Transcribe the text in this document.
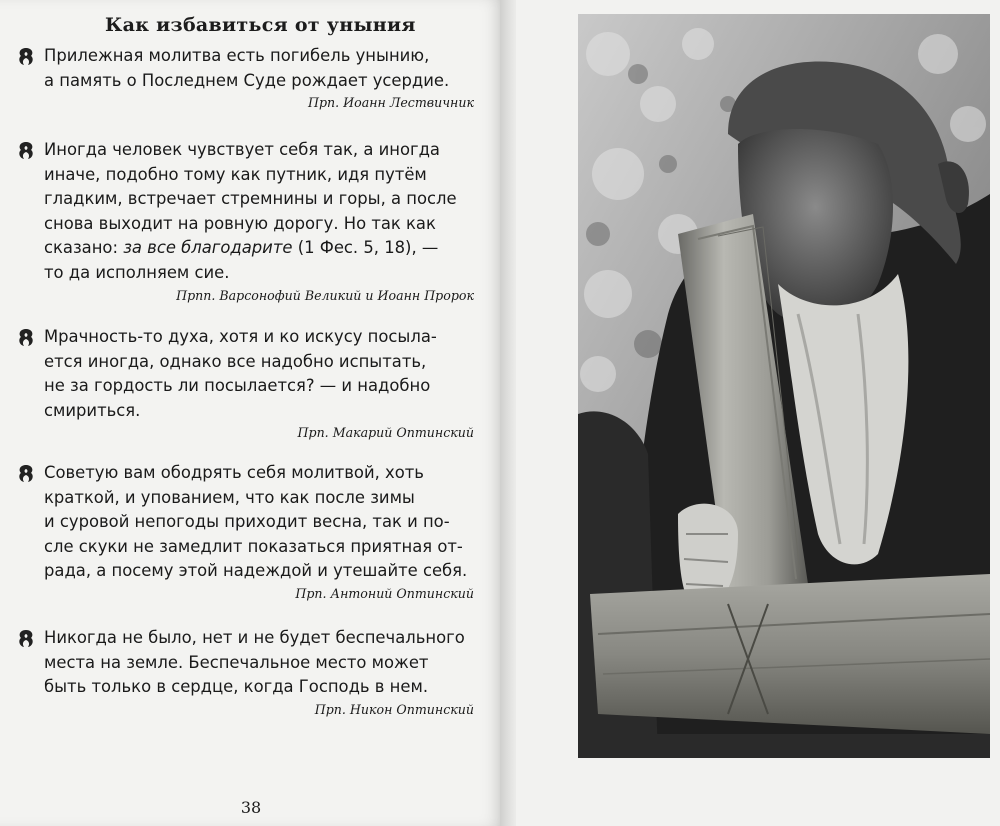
Как избавиться от уныния
Прилежная молитва есть погибель унынию,
а память о Последнем Суде рождает усердие.
Прп. Иоанн Лествичник
Иногда человек чувствует себя так, а иногда
иначе, подобно тому как путник, идя путём
гладким, встречает стремнины и горы, а после
снова выходит на ровную дорогу. Но так как
сказано: за все благодарите (1 Фес. 5, 18), —
то да исполняем сие.
Прпп. Варсонофий Великий и Иоанн Пророк
Мрачность-то духа, хотя и ко искусу посыла-
ется иногда, однако все надобно испытать,
не за гордость ли посылается? — и надобно
смириться.
Прп. Макарий Оптинский
Советую вам ободрять себя молитвой, хоть
краткой, и упованием, что как после зимы
и суровой непогоды приходит весна, так и по-
сле скуки не замедлит показаться приятная от-
рада, а посему этой надеждой и утешайте себя.
Прп. Антоний Оптинский
Никогда не было, нет и не будет беспечального
места на земле. Беспечальное место может
быть только в сердце, когда Господь в нем.
Прп. Никон Оптинский
38
